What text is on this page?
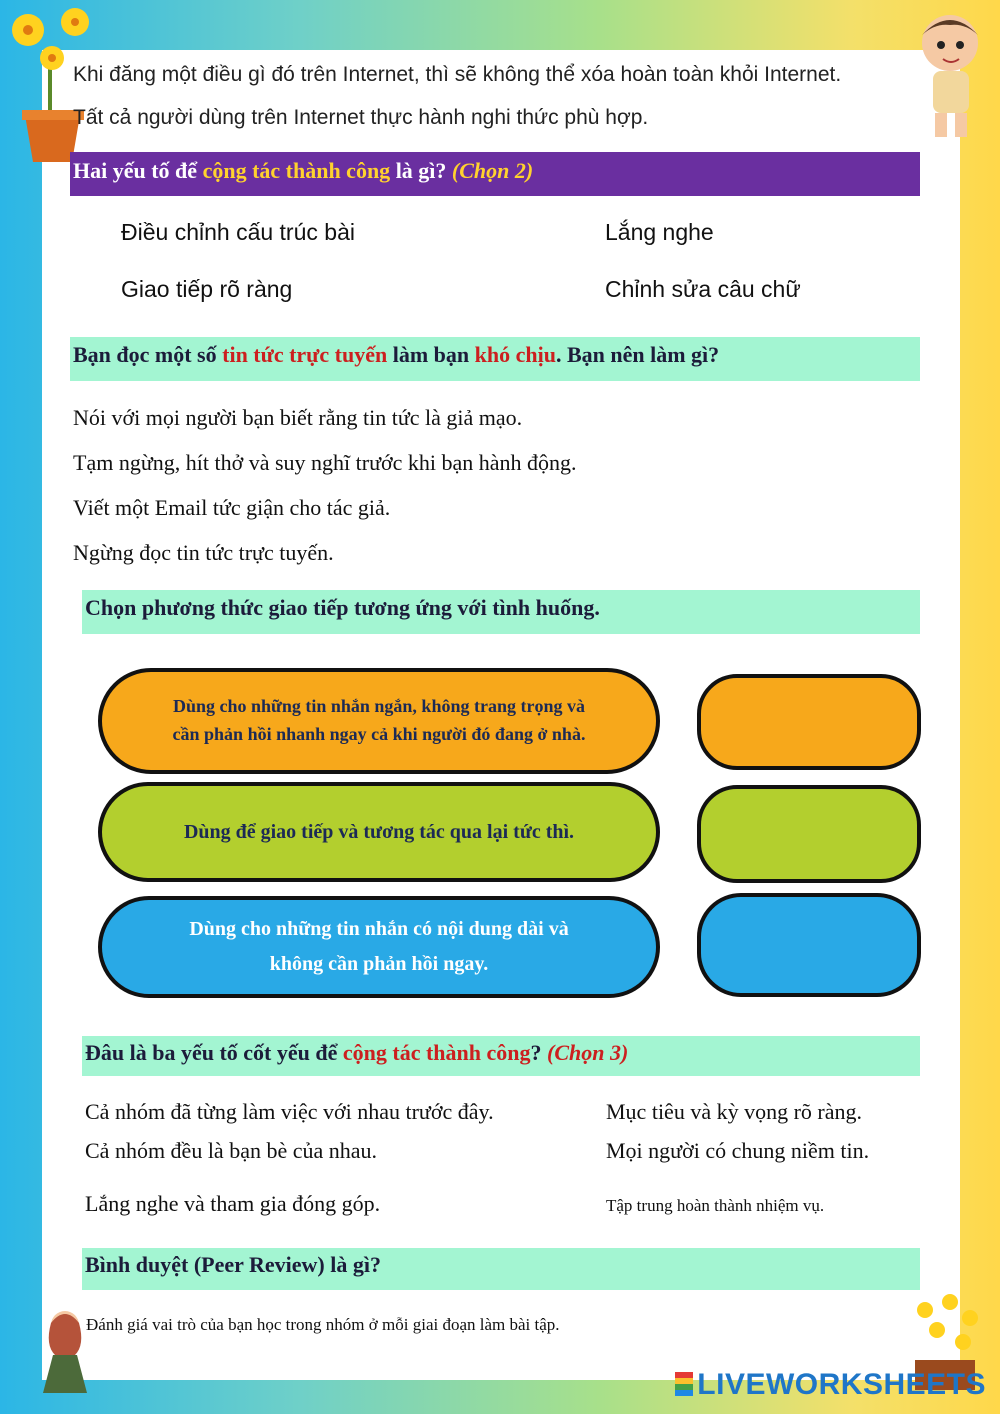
Khi đăng một điều gì đó trên Internet, thì sẽ không thể xóa hoàn toàn khỏi Internet.
Tất cả người dùng trên Internet thực hành nghi thức phù hợp.
Hai yếu tố để cộng tác thành công là gì? (Chọn 2)
Điều chỉnh cấu trúc bài	Lắng nghe
Giao tiếp rõ ràng	Chỉnh sửa câu chữ
Bạn đọc một số tin tức trực tuyến làm bạn khó chịu. Bạn nên làm gì?
Nói với mọi người bạn biết rằng tin tức là giả mạo.
Tạm ngừng, hít thở và suy nghĩ trước khi bạn hành động.
Viết một Email tức giận cho tác giả.
Ngừng đọc tin tức trực tuyến.
Chọn phương thức giao tiếp tương ứng với tình huống.
Dùng cho những tin nhắn ngắn, không trang trọng và
cần phản hồi nhanh ngay cả khi người đó đang ở nhà.
Dùng để giao tiếp và tương tác qua lại tức thì.
Dùng cho những tin nhắn có nội dung dài và
không cần phản hồi ngay.
Đâu là ba yếu tố cốt yếu để cộng tác thành công? (Chọn 3)
Cả nhóm đã từng làm việc với nhau trước đây.	Mục tiêu và kỳ vọng rõ ràng.
Cả nhóm đều là bạn bè của nhau.	Mọi người có chung niềm tin.
Lắng nghe và tham gia đóng góp.	Tập trung hoàn thành nhiệm vụ.
Bình duyệt (Peer Review) là gì?
Đánh giá vai trò của bạn học trong nhóm ở mỗi giai đoạn làm bài tập.
LIVEWORKSHEETS
